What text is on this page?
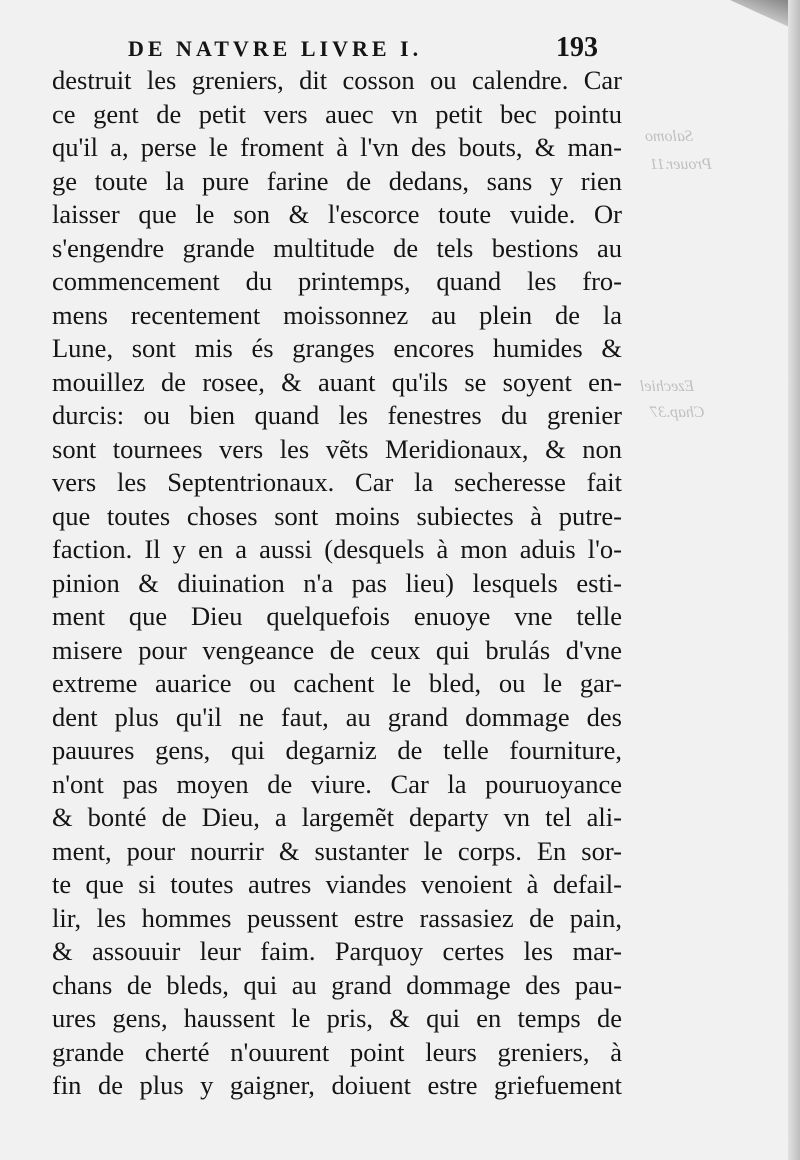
Salomo
Prouer.11
Ezechiel
Chap.37
DE NATVRE LIVRE I.	193
destruit les greniers, dit cosson ou calendre. Car
ce gent de petit vers auec vn petit bec pointu
qu'il a, perse le froment à l'vn des bouts, & man-
ge toute la pure farine de dedans, sans y rien
laisser que le son & l'escorce toute vuide. Or
s'engendre grande multitude de tels bestions au
commencement du printemps, quand les fro-
mens recentement moissonnez au plein de la
Lune, sont mis és granges encores humides &
mouillez de rosee, & auant qu'ils se soyent en-
durcis: ou bien quand les fenestres du grenier
sont tournees vers les vẽts Meridionaux, & non
vers les Septentrionaux. Car la secheresse fait
que toutes choses sont moins subiectes à putre-
faction. Il y en a aussi (desquels à mon aduis l'o-
pinion & diuination n'a pas lieu) lesquels esti-
ment que Dieu quelquefois enuoye vne telle
misere pour vengeance de ceux qui brulás d'vne
extreme auarice ou cachent le bled, ou le gar-
dent plus qu'il ne faut, au grand dommage des
pauures gens, qui degarniz de telle fourniture,
n'ont pas moyen de viure. Car la pouruoyance
& bonté de Dieu, a largemẽt departy vn tel ali-
ment, pour nourrir & sustanter le corps. En sor-
te que si toutes autres viandes venoient à defail-
lir, les hommes peussent estre rassasiez de pain,
& assouuir leur faim. Parquoy certes les mar-
chans de bleds, qui au grand dommage des pau-
ures gens, haussent le pris, & qui en temps de
grande cherté n'ouurent point leurs greniers, à
fin de plus y gaigner, doiuent estre griefuement
